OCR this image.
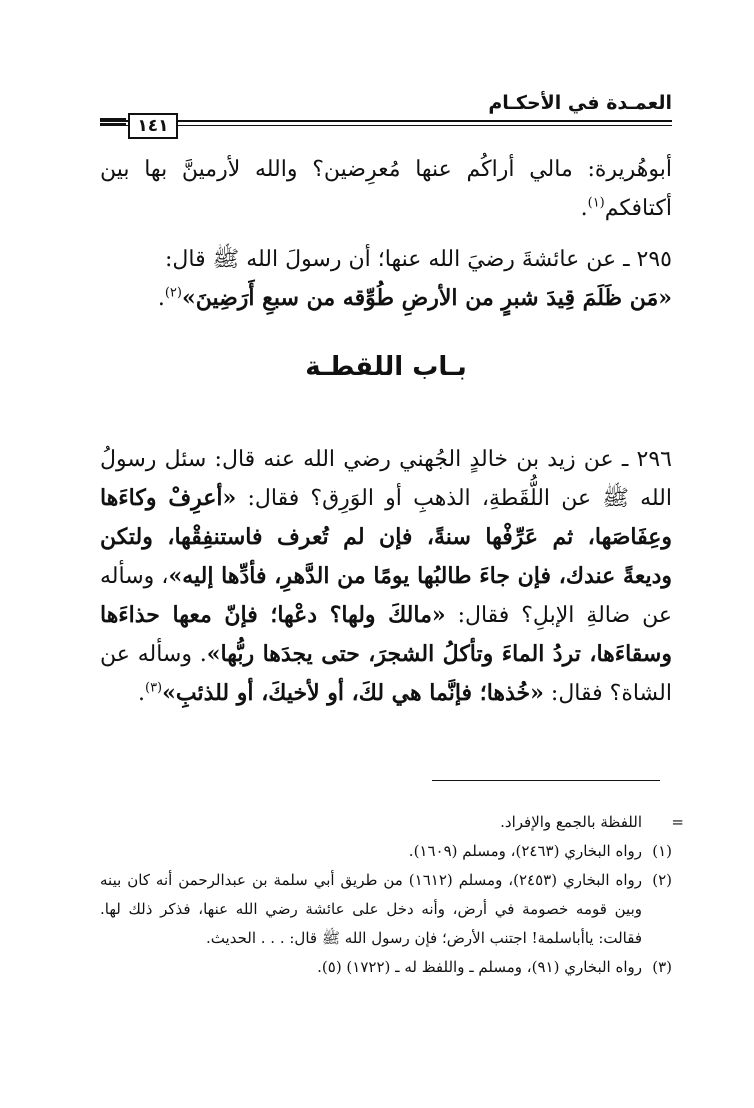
العمـدة في الأحكـام
١٤١

أبوهُريرة: مالي أراكُم عنها مُعرِضين؟ والله لأرمينَّ بها بين أكتافكم$^{(١)}$.

٢٩٥ ـ عن عائشةَ رضيَ الله عنها؛ أن رسولَ الله ﷺ قال:

«مَن ظَلَمَ قِيدَ شبرٍ من الأرضِ طُوِّقه من سبعِ أَرَضِينَ»$^{(٢)}$.

بـاب اللقطـة

٢٩٦ ـ عن زيد بن خالدٍ الجُهني رضي الله عنه قال: سئل رسولُ الله ﷺ عن اللُّقَطةِ، الذهبِ أو الوَرِق؟ فقال: «أعرِفْ وكاءَها وعِفَاصَها، ثم عَرِّفْها سنةً، فإن لم تُعرف فاستنفِقْها، ولتكن وديعةً عندك، فإن جاءَ طالبُها يومًا من الدَّهرِ، فأدِّها إليه»، وسأله عن ضالةِ الإبلِ؟ فقال: «مالكَ ولها؟ دعْها؛ فإنّ معها حذاءَها وسقاءَها، تردُ الماءَ وتأكلُ الشجرَ، حتى يجدَها ربُّها». وسأله عن الشاة؟ فقال: «خُذها؛ فإنَّما هي لكَ، أو لأخيكَ، أو للذئبِ»$^{(٣)}$.

=
اللفظة بالجمع والإفراد.
(١)
رواه البخاري (٢٤٦٣)، ومسلم (١٦٠٩).
(٢)
رواه البخاري (٢٤٥٣)، ومسلم (١٦١٢) من طريق أبي سلمة بن عبدالرحمن أنه كان بينه وبين قومه خصومة في أرض، وأنه دخل على عائشة رضي الله عنها، فذكر ذلك لها. فقالت: ياأباسلمة! اجتنب الأرض؛ فإن رسول الله ﷺ قال: . . . الحديث.
(٣)
رواه البخاري (٩١)، ومسلم ـ واللفظ له ـ (١٧٢٢) (٥).
